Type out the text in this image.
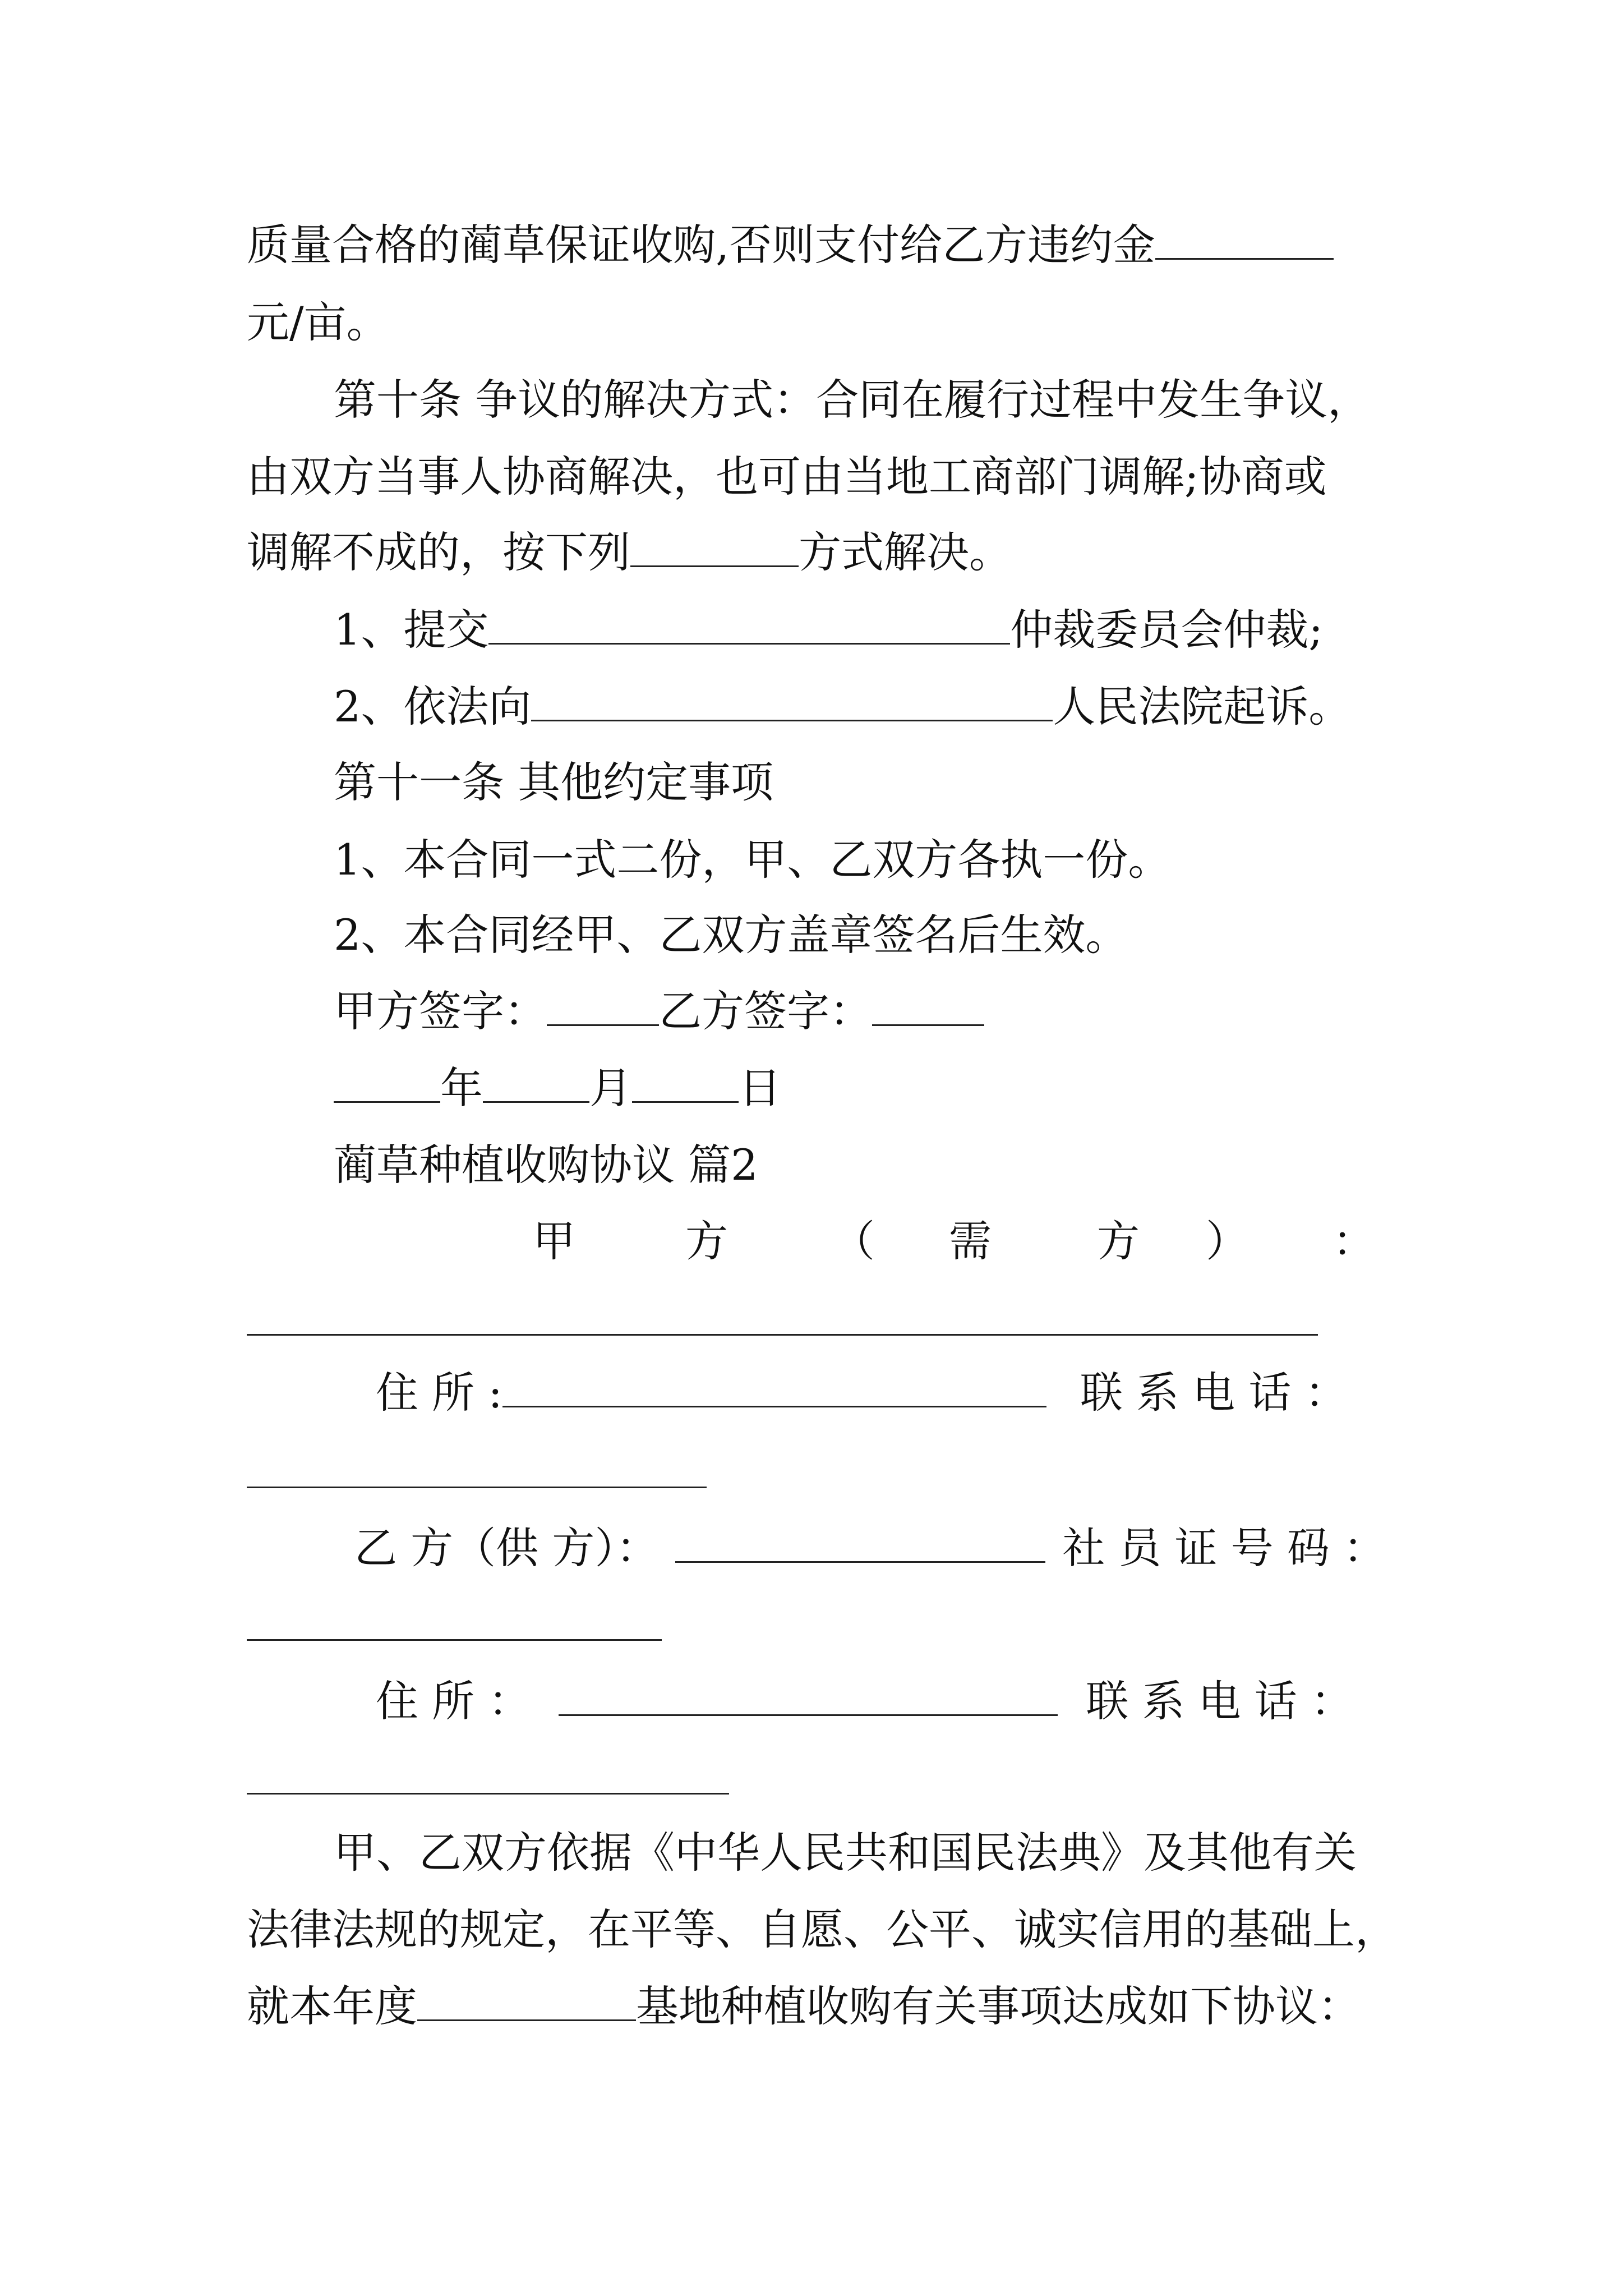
质量合格的蔺草保证收购,否则支付给乙方违约金
元/亩。
第十条 争议的解决方式：合同在履行过程中发生争议，
由双方当事人协商解决，也可由当地工商部门调解;协商或
调解不成的，按下列	方式解决。
1、提交	仲裁委员会仲裁;
2、依法向	人民法院起诉。
第十一条 其他约定事项
1、本合同一式二份，甲、乙双方各执一份。
2、本合同经甲、乙双方盖章签名后生效。
甲方签字：	乙方签字：
年	月	日
蔺草种植收购协议 篇2
甲	方 （ 需 方 ） ：
住 所 :	联 系 电 话 ：
乙 方（供 方）：	社 员 证 号 码 ：
住 所 ：	联 系 电 话 ：
甲、乙双方依据《中华人民共和国民法典》及其他有关
法律法规的规定，在平等、自愿、公平、诚实信用的基础上，
就本年度	基地种植收购有关事项达成如下协议：
